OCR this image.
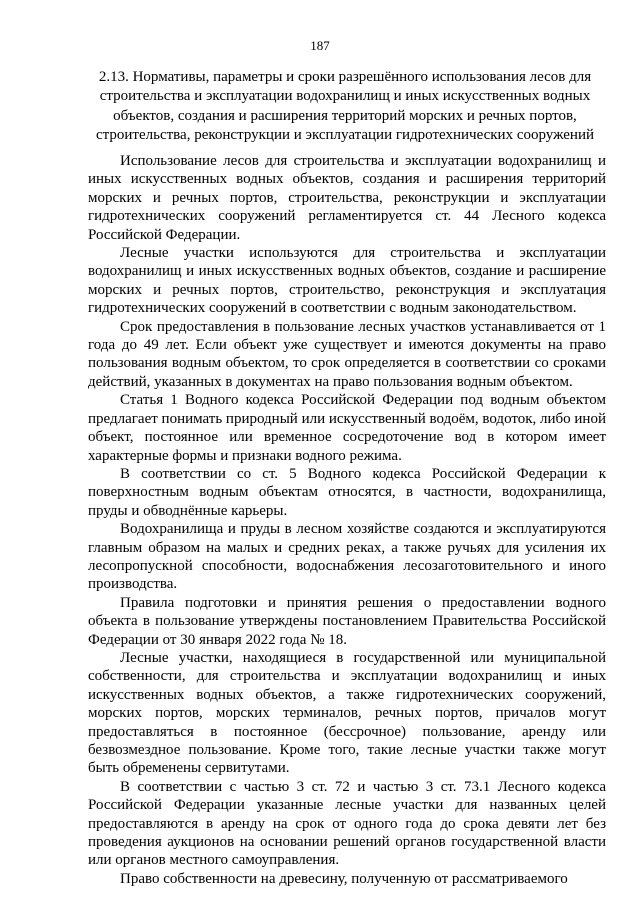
187
2.13. Нормативы, параметры и сроки разрешённого использования лесов для строительства и эксплуатации водохранилищ и иных искусственных водных объектов, создания и расширения территорий морских и речных портов, строительства, реконструкции и эксплуатации гидротехнических сооружений

Использование лесов для строительства и эксплуатации водохранилищ и иных искусственных водных объектов, создания и расширения территорий морских и речных портов, строительства, реконструкции и эксплуатации гидротехнических сооружений регламентируется ст. 44 Лесного кодекса Российской Федерации.

Лесные участки используются для строительства и эксплуатации водохранилищ и иных искусственных водных объектов, создание и расширение морских и речных портов, строительство, реконструкция и эксплуатация гидротехнических сооружений в соответствии с водным законодательством.

Срок предоставления в пользование лесных участков устанавливается от 1 года до 49 лет. Если объект уже существует и имеются документы на право пользования водным объектом, то срок определяется в соответствии со сроками действий, указанных в документах на право пользования водным объектом.

Статья 1 Водного кодекса Российской Федерации под водным объектом предлагает понимать природный или искусственный водоём, водоток, либо иной объект, постоянное или временное сосредоточение вод в котором имеет характерные формы и признаки водного режима.

В соответствии со ст. 5 Водного кодекса Российской Федерации к поверхностным водным объектам относятся, в частности, водохранилища, пруды и обводнённые карьеры.

Водохранилища и пруды в лесном хозяйстве создаются и эксплуатируются главным образом на малых и средних реках, а также ручьях для усиления их лесопропускной способности, водоснабжения лесозаготовительного и иного производства.

Правила подготовки и принятия решения о предоставлении водного объекта в пользование утверждены постановлением Правительства Российской Федерации от 30 января 2022 года № 18.

Лесные участки, находящиеся в государственной или муниципальной собственности, для строительства и эксплуатации водохранилищ и иных искусственных водных объектов, а также гидротехнических сооружений, морских портов, морских терминалов, речных портов, причалов могут предоставляться в постоянное (бессрочное) пользование, аренду или безвозмездное пользование. Кроме того, такие лесные участки также могут быть обременены сервитутами.

В соответствии с частью 3 ст. 72 и частью 3 ст. 73.1 Лесного кодекса Российской Федерации указанные лесные участки для названных целей предоставляются в аренду на срок от одного года до срока девяти лет без проведения аукционов на основании решений органов государственной власти или органов местного самоуправления.

Право собственности на древесину, полученную от рассматриваемого
